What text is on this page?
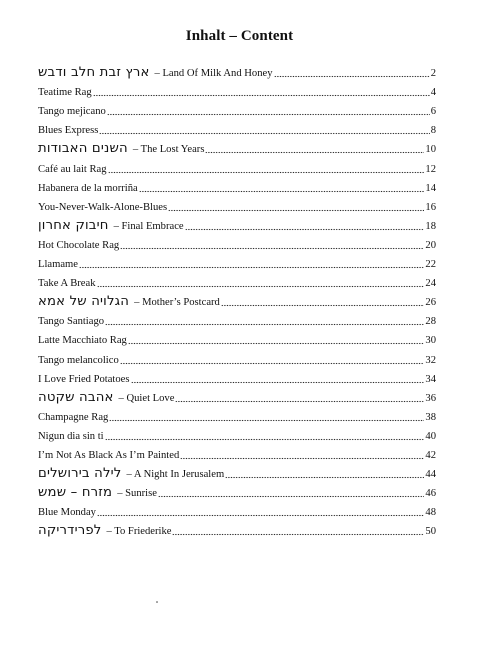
Inhalt – Content
ארץ זבת חלב ודבש – Land Of Milk And Honey	2
Teatime Rag	4
Tango mejicano	6
Blues Express	8
השנים האבודות – The Lost Years	10
Café au lait Rag	12
Habanera de la morriña	14
You-Never-Walk-Alone-Blues	16
חיבוק אחרון – Final Embrace	18
Hot Chocolate Rag	20
Llamame	22
Take A Break	24
הגלויה של אמא – Mother’s Postcard	26
Tango Santiago	28
Latte Macchiato Rag	30
Tango melancolico	32
I Love Fried Potatoes	34
אהבה שקטה – Quiet Love	36
Champagne Rag	38
Nigun dia sin ti	40
I’m Not As Black As I’m Painted	42
לילה בירושלים – A Night In Jerusalem	44
מזרח – שמש – Sunrise	46
Blue Monday	48
לפרידריקה – To Friederike	50
